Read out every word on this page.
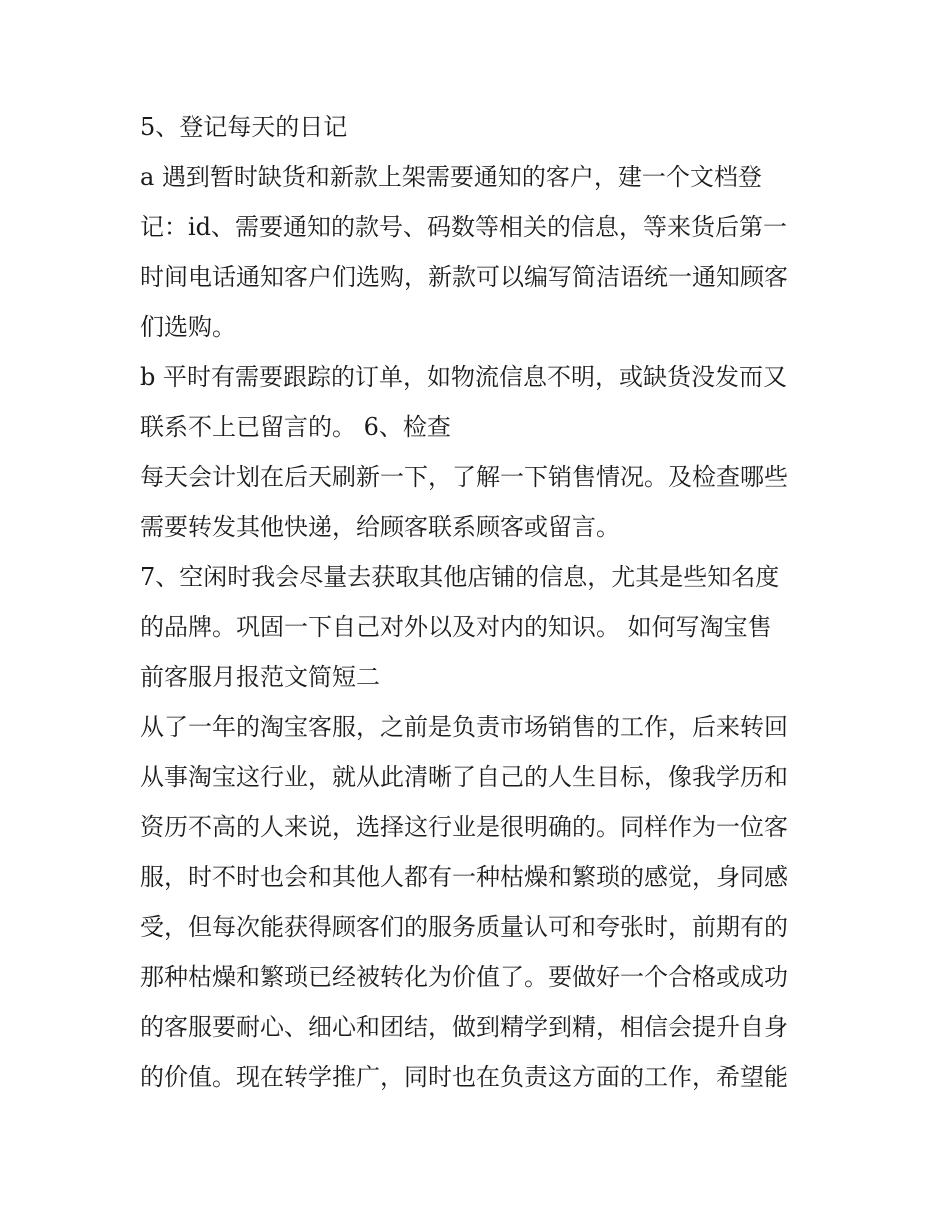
5、登记每天的日记

a 遇到暂时缺货和新款上架需要通知的客户，建一个文档登

记：id、需要通知的款号、码数等相关的信息，等来货后第一

时间电话通知客户们选购，新款可以编写简洁语统一通知顾客

们选购。

b 平时有需要跟踪的订单，如物流信息不明，或缺货没发而又

联系不上已留言的。 6、检查

每天会计划在后天刷新一下，了解一下销售情况。及检查哪些

需要转发其他快递，给顾客联系顾客或留言。

7、空闲时我会尽量去获取其他店铺的信息，尤其是些知名度

的品牌。巩固一下自己对外以及对内的知识。 如何写淘宝售

前客服月报范文简短二

从了一年的淘宝客服，之前是负责市场销售的工作，后来转回

从事淘宝这行业，就从此清晰了自己的人生目标，像我学历和

资历不高的人来说，选择这行业是很明确的。同样作为一位客

服，时不时也会和其他人都有一种枯燥和繁琐的感觉，身同感

受，但每次能获得顾客们的服务质量认可和夸张时，前期有的

那种枯燥和繁琐已经被转化为价值了。要做好一个合格或成功

的客服要耐心、细心和团结，做到精学到精，相信会提升自身

的价值。现在转学推广，同时也在负责这方面的工作，希望能
